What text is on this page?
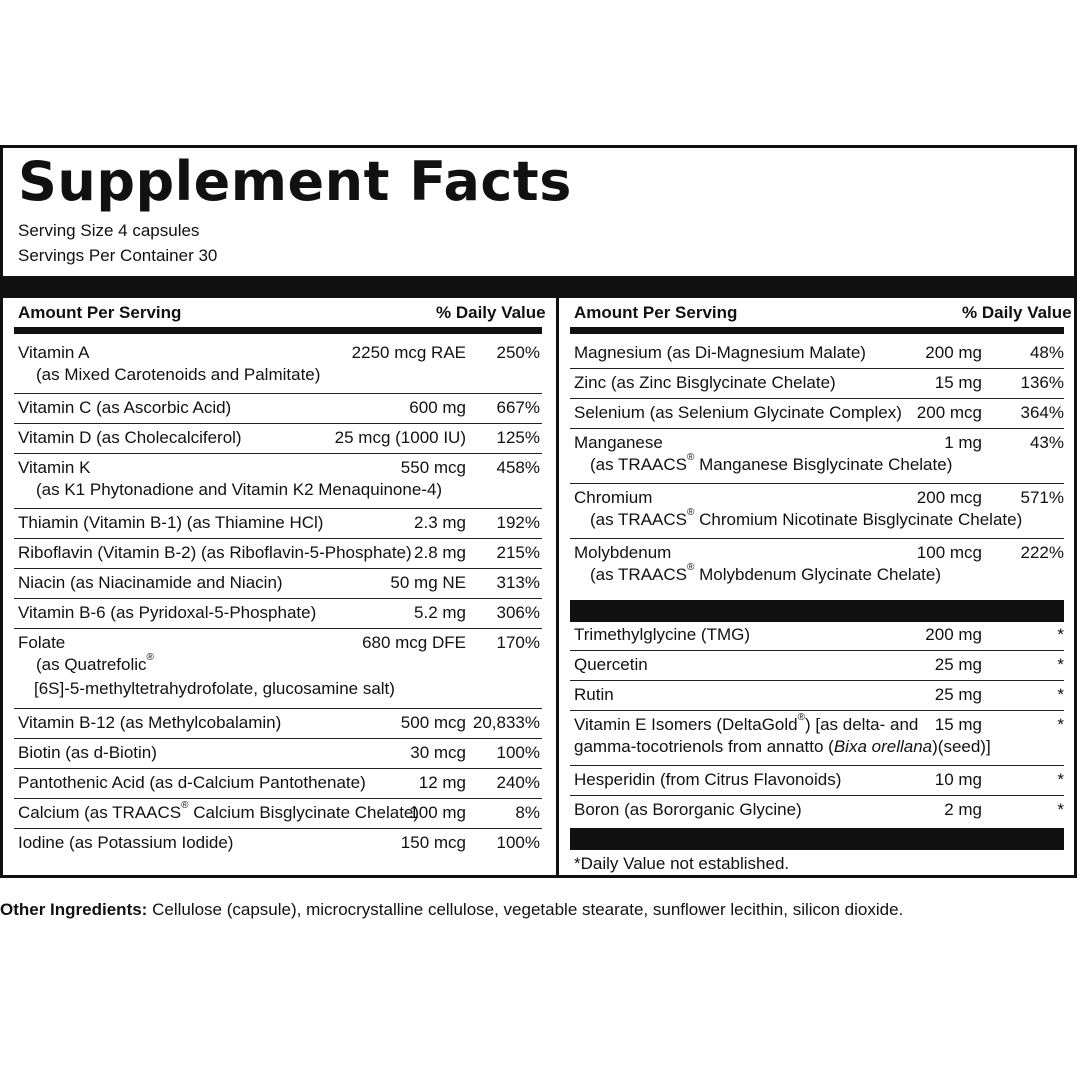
Supplement Facts
Serving Size 4 capsules
Servings Per Container 30
Amount Per Serving	% Daily Value Amount Per Serving	% Daily Value
Vitamin A	2250 mcg RAE	250%
(as Mixed Carotenoids and Palmitate)
Vitamin C (as Ascorbic Acid)	600 mg	667%
Vitamin D (as Cholecalciferol)	25 mcg (1000 IU)	125%
Vitamin K	550 mcg	458%
(as K1 Phytonadione and Vitamin K2 Menaquinone-4)
Thiamin (Vitamin B-1) (as Thiamine HCl)	2.3 mg	192%
Riboflavin (Vitamin B-2) (as Riboflavin-5-Phosphate) 2.8 mg	215%
Niacin (as Niacinamide and Niacin)	50 mg NE	313%
Vitamin B-6 (as Pyridoxal-5-Phosphate)	5.2 mg	306%
Folate	680 mcg DFE	170%
(as Quatrefolic®
[6S]-5-methyltetrahydrofolate, glucosamine salt)
Vitamin B-12 (as Methylcobalamin)	500 mcg 20,833%
Biotin (as d-Biotin)	30 mcg	100%
Pantothenic Acid (as d-Calcium Pantothenate)	12 mg	240%
Calcium (as TRAACS® Calcium Bisglycinate Chelate)
100 mg	8%
Iodine (as Potassium Iodide)	150 mcg	100%
Magnesium (as Di-Magnesium Malate)	200 mg	48%
Zinc (as Zinc Bisglycinate Chelate)	15 mg	136%
Selenium (as Selenium Glycinate Complex) 200 mcg	364%
Manganese	1 mg	43%
(as TRAACS® Manganese Bisglycinate Chelate)
Chromium	200 mcg	571%
(as TRAACS® Chromium Nicotinate Bisglycinate Chelate)
Molybdenum	100 mcg	222%
(as TRAACS® Molybdenum Glycinate Chelate)
Trimethylglycine (TMG)	200 mg	*
Quercetin	25 mg	*
Rutin	25 mg	*
Vitamin E Isomers (DeltaGold®) [as delta- and 15 mg	*
gamma-tocotrienols from annatto (Bixa orellana)(seed)]
Hesperidin (from Citrus Flavonoids)	10 mg	*
Boron (as Bororganic Glycine)	2 mg	*
*Daily Value not established.
Other Ingredients: Cellulose (capsule), microcrystalline cellulose, vegetable stearate, sunflower lecithin, silicon dioxide.
